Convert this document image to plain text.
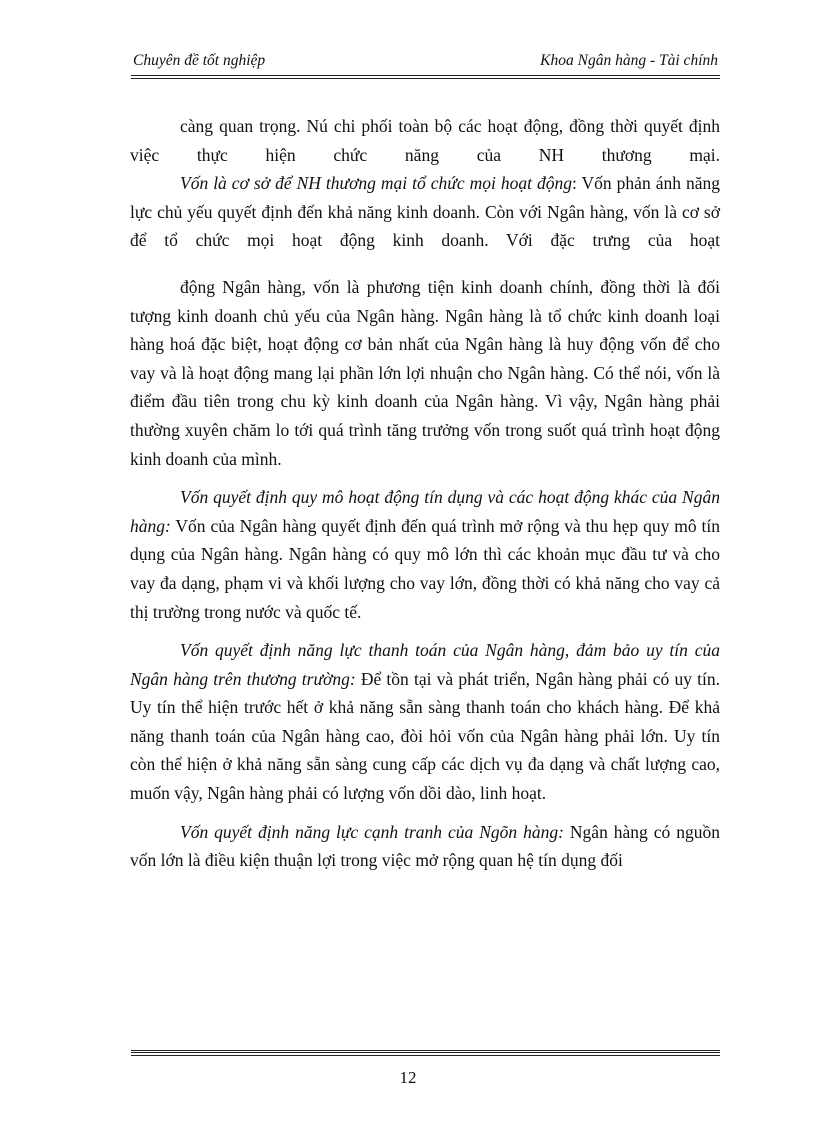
Chuyên đề tốt nghiệp	Khoa Ngân hàng - Tài chính

càng quan trọng. Nú chi phối toàn bộ các hoạt động, đồng thời quyết định việc thực hiện chức năng của NH thương mại.

Vốn là cơ sở để NH thương mại tổ chức mọi hoạt động: Vốn phản ánh năng lực chủ yếu quyết định đến khả năng kinh doanh. Còn với Ngân hàng, vốn là cơ sở để tổ chức mọi hoạt động kinh doanh. Với đặc trưng của hoạt

động Ngân hàng, vốn là phương tiện kinh doanh chính, đồng thời là đối tượng kinh doanh chủ yếu của Ngân hàng. Ngân hàng là tổ chức kinh doanh loại hàng hoá đặc biệt, hoạt động cơ bản nhất của Ngân hàng là huy động vốn để cho vay và là hoạt động mang lại phần lớn lợi nhuận cho Ngân hàng. Có thể nói, vốn là điểm đầu tiên trong chu kỳ kinh doanh của Ngân hàng. Vì vậy, Ngân hàng phải thường xuyên chăm lo tới quá trình tăng trưởng vốn trong suốt quá trình hoạt động kinh doanh của mình.

Vốn quyết định quy mô hoạt động tín dụng và các hoạt động khác của Ngân hàng: Vốn của Ngân hàng quyết định đến quá trình mở rộng và thu hẹp quy mô tín dụng của Ngân hàng. Ngân hàng có quy mô lớn thì các khoản mục đầu tư và cho vay đa dạng, phạm vi và khối lượng cho vay lớn, đồng thời có khả năng cho vay cả thị trường trong nước và quốc tế.

Vốn quyết định năng lực thanh toán của Ngân hàng, đảm bảo uy tín của Ngân hàng trên thương trường: Để tồn tại và phát triển, Ngân hàng phải có uy tín. Uy tín thể hiện trước hết ở khả năng sẵn sàng thanh toán cho khách hàng. Để khả năng thanh toán của Ngân hàng cao, đòi hỏi vốn của Ngân hàng phải lớn. Uy tín còn thể hiện ở khả năng sẵn sàng cung cấp các dịch vụ đa dạng và chất lượng cao, muốn vậy, Ngân hàng phải có lượng vốn dồi dào, linh hoạt.

Vốn quyết định năng lực cạnh tranh của Ngõn hàng: Ngân hàng có nguồn vốn lớn là điều kiện thuận lợi trong việc mở rộng quan hệ tín dụng đối

12
